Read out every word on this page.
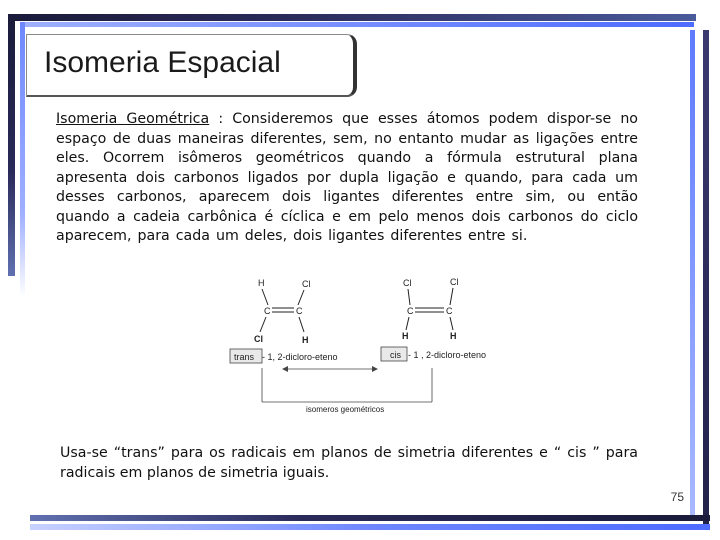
Isomeria Espacial
Isomeria Geométrica : Consideremos que esses átomos podem dispor-se no espaço de duas maneiras diferentes, sem, no entanto mudar as ligações entre eles. Ocorrem isômeros geométricos quando a fórmula estrutural plana apresenta dois carbonos ligados por dupla ligação e quando, para cada um desses carbonos, aparecem dois ligantes diferentes entre sim, ou então quando a cadeia carbônica é cíclica e em pelo menos dois carbonos do ciclo aparecem, para cada um deles, dois ligantes diferentes entre si.
H	Cl
C	C
Cl	H
trans - 1, 2-dicloro-eteno
Cl	Cl
C	C
H	H
cis - 1 , 2-dicloro-eteno
isomeros geométricos
Usa-se “trans” para os radicais em planos de simetria diferentes e “ cis ” para radicais em planos de simetria iguais.
75
